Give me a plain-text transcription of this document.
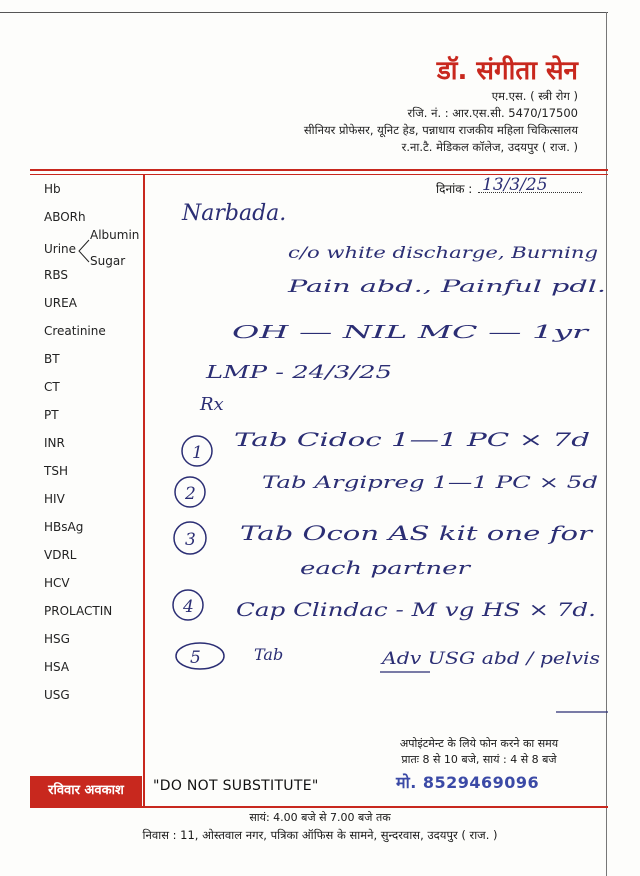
डॉ. संगीता सेन
एम.एस. ( स्त्री रोग )
रजि. नं. : आर.एस.सी. 5470/17500
सीनियर प्रोफेसर, यूनिट हेड, पन्नाधाय राजकीय महिला चिकित्सालय
र.ना.टै. मेडिकल कॉलेज, उदयपुर ( राज. )
Hb
ABORh
Urine
Albumin
Sugar
RBS
UREA
Creatinine
BT
CT
PT
INR
TSH
HIV
HBsAg
VDRL
HCV
PROLACTIN
HSG
HSA
USG
दिनांक : 13/3/25
Narbada.
c/o white discharge, Burning
Pain abd., Painful pdl.
OH — NIL MC — 1yr
LMP - 24/3/25
Rx
1
Tab Cidoc 1—1 PC × 7d
2
Tab Argipreg 1—1 PC × 5d
3 Tab Ocon AS kit one for
each partner
4 Cap Clindac - M vg HS × 7d.
5	Tab	Adv USG abd / pelvis
अपोइंटमेन्ट के लिये फोन करने का समय
प्रातः 8 से 10 बजे, सायं : 4 से 8 बजे
मो. 8529469096
रविवार अवकाश	"DO NOT SUBSTITUTE"
सायं: 4.00 बजे से 7.00 बजे तक
निवास : 11, ओस्तवाल नगर, पत्रिका ऑफिस के सामने, सुन्दरवास, उदयपुर ( राज. )
